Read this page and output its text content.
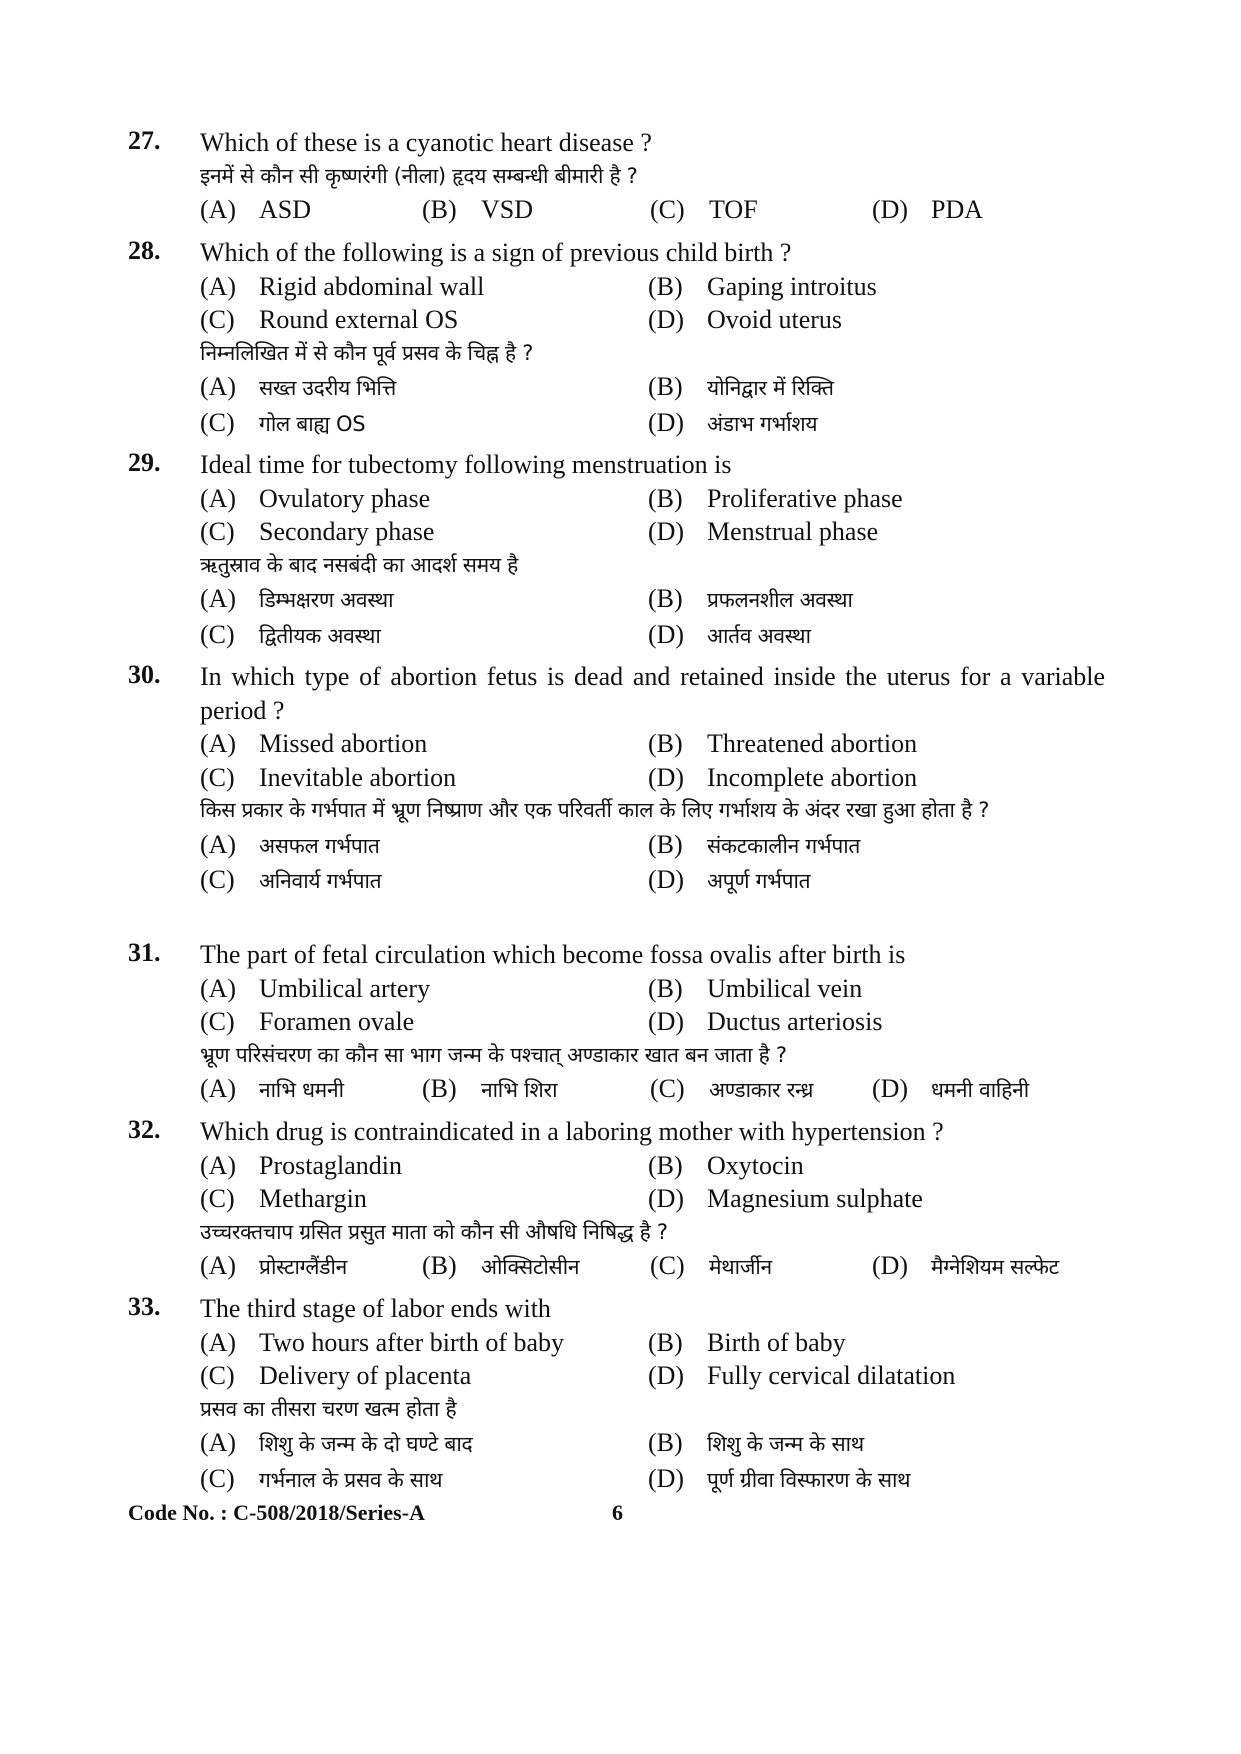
27. Which of these is a cyanotic heart disease ?
इनमें से कौन सी कृष्णरंगी (नीला) हृदय सम्बन्धी बीमारी है ?
(A) ASD	(B) VSD	(C) TOF	(D) PDA
28. Which of the following is a sign of previous child birth ?
(A) Rigid abdominal wall	(B) Gaping introitus
(C) Round external OS	(D) Ovoid uterus
निम्नलिखित में से कौन पूर्व प्रसव के चिह्न है ?
(A) सख्त उदरीय भित्ति	(B) योनिद्वार में रिक्ति
(C) गोल बाह्य OS	(D) अंडाभ गर्भाशय
29. Ideal time for tubectomy following menstruation is
(A) Ovulatory phase	(B) Proliferative phase
(C) Secondary phase	(D) Menstrual phase
ऋतुस्राव के बाद नसबंदी का आदर्श समय है
(A) डिम्भक्षरण अवस्था	(B) प्रफलनशील अवस्था
(C) द्वितीयक अवस्था	(D) आर्तव अवस्था
30. In which type of abortion fetus is dead and retained inside the uterus for a variable period ?
(A) Missed abortion	(B) Threatened abortion
(C) Inevitable abortion	(D) Incomplete abortion
किस प्रकार के गर्भपात में भ्रूण निष्प्राण और एक परिवर्ती काल के लिए गर्भाशय के अंदर रखा हुआ होता है ?
(A) असफल गर्भपात	(B) संकटकालीन गर्भपात
(C) अनिवार्य गर्भपात	(D) अपूर्ण गर्भपात
31. The part of fetal circulation which become fossa ovalis after birth is
(A) Umbilical artery	(B) Umbilical vein
(C) Foramen ovale	(D) Ductus arteriosis
भ्रूण परिसंचरण का कौन सा भाग जन्म के पश्चात् अण्डाकार खात बन जाता है ?
(A) नाभि धमनी	(B) नाभि शिरा	(C) अण्डाकार रन्ध्र	(D) धमनी वाहिनी
32. Which drug is contraindicated in a laboring mother with hypertension ?
(A) Prostaglandin	(B) Oxytocin
(C) Methargin	(D) Magnesium sulphate
उच्चरक्तचाप ग्रसित प्रसुत माता को कौन सी औषधि निषिद्ध है ?
(A) प्रोस्टाग्लैंडीन	(B) ओक्सिटोसीन	(C) मेथार्जीन	(D) मैग्नेशियम सल्फेट
33. The third stage of labor ends with
(A) Two hours after birth of baby	(B) Birth of baby
(C) Delivery of placenta	(D) Fully cervical dilatation
प्रसव का तीसरा चरण खत्म होता है
(A) शिशु के जन्म के दो घण्टे बाद	(B) शिशु के जन्म के साथ
(C) गर्भनाल के प्रसव के साथ	(D) पूर्ण ग्रीवा विस्फारण के साथ
Code No. : C-508/2018/Series-A	6
